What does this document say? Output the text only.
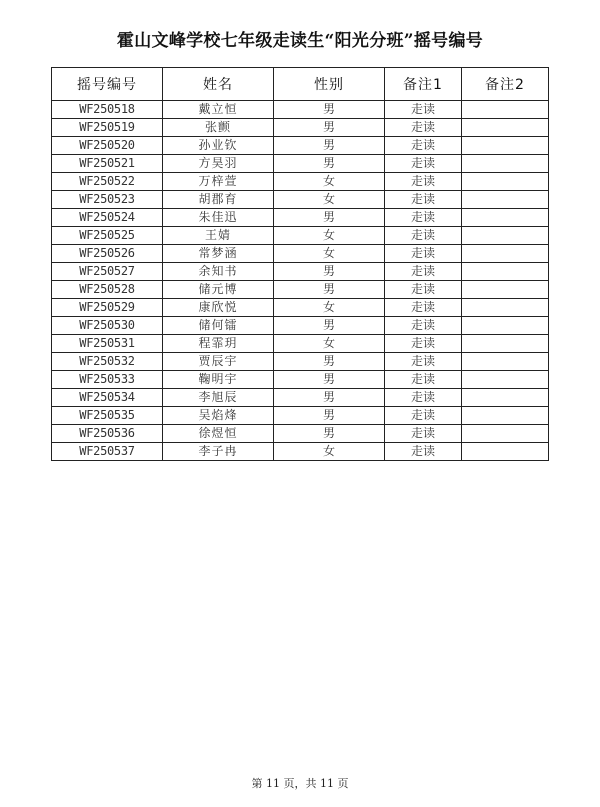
霍山文峰学校七年级走读生“阳光分班”摇号编号
摇号编号	姓名	性别	备注1	备注2
WF250518	戴立恒	男	走读	
WF250519	张颤	男	走读	
WF250520	孙业钦	男	走读	
WF250521	方昊羽	男	走读	
WF250522	万梓萱	女	走读	
WF250523	胡郡育	女	走读	
WF250524	朱佳迅	男	走读	
WF250525	王婧	女	走读	
WF250526	常梦涵	女	走读	
WF250527	余知书	男	走读	
WF250528	储元博	男	走读	
WF250529	康欣悦	女	走读	
WF250530	储何镭	男	走读	
WF250531	程霏玥	女	走读	
WF250532	贾辰宇	男	走读	
WF250533	鞠明宇	男	走读	
WF250534	李旭辰	男	走读	
WF250535	吴焰烽	男	走读	
WF250536	徐煜恒	男	走读	
WF250537	李子冉	女	走读	
第 11 页，共 11 页
